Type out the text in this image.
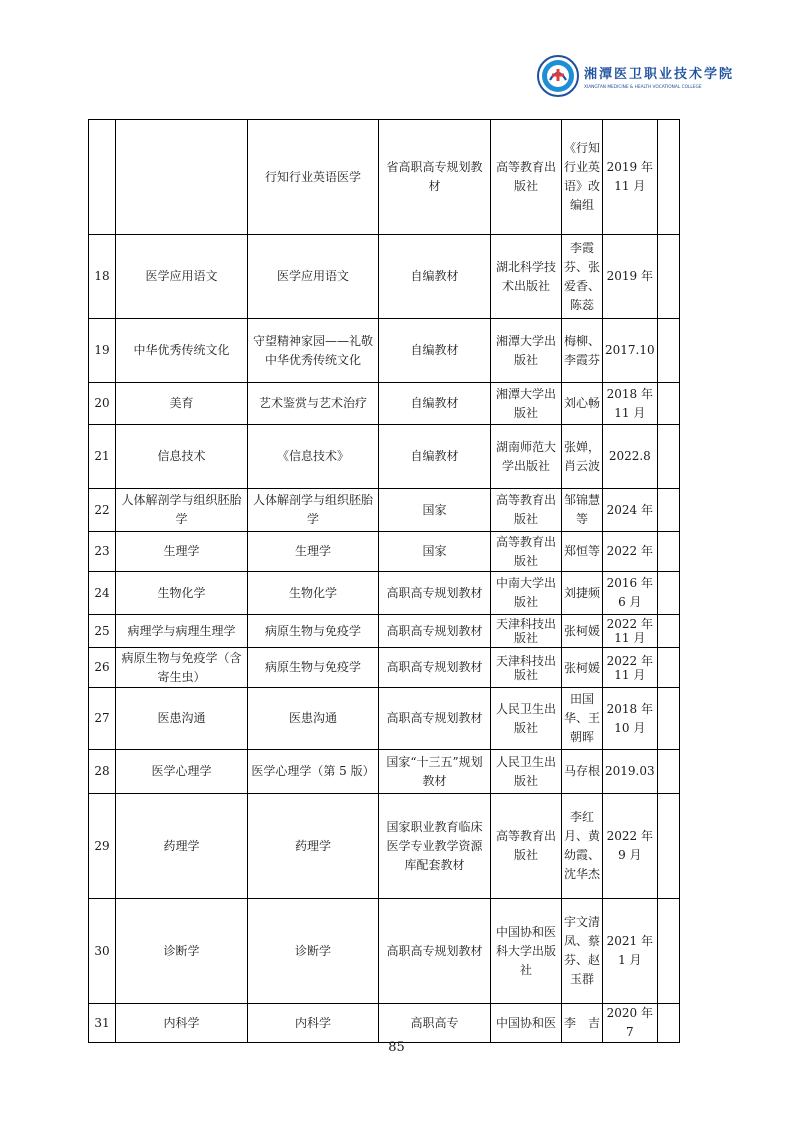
湘潭医卫职业技术学院
XIANGTAN MEDICINE & HEALTH VOCATIONAL COLLEGE
		行知行业英语医学	省高职高专规划教材	高等教育出版社	《行知行业英语》改编组	2019 年 11 月	
18	医学应用语文	医学应用语文	自编教材	湖北科学技术出版社	李霞芬、张爱香、陈蕊	2019 年	
19	中华优秀传统文化	守望精神家园——礼敬中华优秀传统文化	自编教材	湘潭大学出版社	梅柳、李霞芬	2017.10	
20	美育	艺术鉴赏与艺术治疗	自编教材	湘潭大学出版社	刘心畅	2018 年 11 月	
21	信息技术	《信息技术》	自编教材	湖南师范大学出版社	张婵，肖云波	2022.8	
22	人体解剖学与组织胚胎学	人体解剖学与组织胚胎学	国家	高等教育出版社	邹锦慧等	2024 年	
23	生理学	生理学	国家	高等教育出版社	郑恒等	2022 年	
24	生物化学	生物化学	高职高专规划教材	中南大学出版社	刘捷频	2016 年 6 月	
25	病理学与病理生理学	病原生物与免疫学	高职高专规划教材	天津科技出版社	张柯媛	2022 年 11 月	
26	病原生物与免疫学（含寄生虫）	病原生物与免疫学	高职高专规划教材	天津科技出版社	张柯媛	2022 年 11 月	
27	医患沟通	医患沟通	高职高专规划教材	人民卫生出版社	田国华、王朝晖	2018 年 10 月	
28	医学心理学	医学心理学（第 5 版）	国家“十三五”规划教材	人民卫生出版社	马存根	2019.03	
29	药理学	药理学	国家职业教育临床医学专业教学资源库配套教材	高等教育出版社	李红月、黄幼霞、沈华杰	2022 年 9 月	
30	诊断学	诊断学	高职高专规划教材	中国协和医科大学出版社	宇文清凤、蔡芬、赵玉群	2021 年 1 月	
31	内科学	内科学	高职高专	中国协和医	李　吉	2020 年 7	
85
